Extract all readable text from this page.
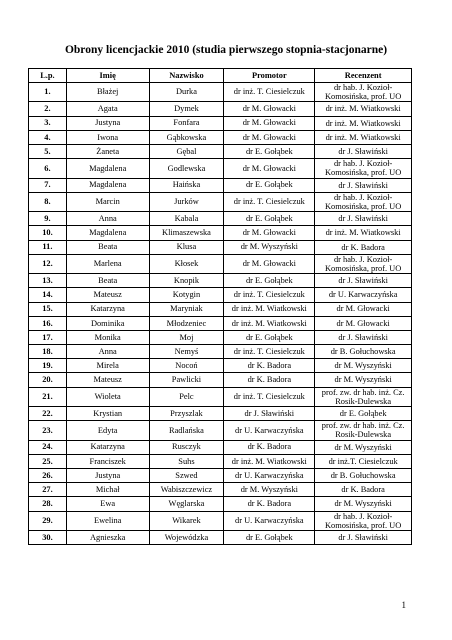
Obrony licencjackie 2010 (studia pierwszego stopnia-stacjonarne)
L.p.	Imię	Nazwisko	Promotor	Recenzent
1.	Błażej	Durka	dr inż. T. Ciesielczuk	dr hab. J. Kozioł-Komosińska, prof. UO
2.	Agata	Dymek	dr M. Głowacki	dr inż. M. Wiatkowski
3.	Justyna	Fonfara	dr M. Głowacki	dr inż. M. Wiatkowski
4.	Iwona	Gąbkowska	dr M. Głowacki	dr inż. M. Wiatkowski
5.	Żaneta	Gębal	dr E. Gołąbek	dr J. Sławiński
6.	Magdalena	Godlewska	dr M. Głowacki	dr hab. J. Kozioł-Komosińska, prof. UO
7.	Magdalena	Haińska	dr E. Gołąbek	dr J. Sławiński
8.	Marcin	Jurków	dr inż. T. Ciesielczuk	dr hab. J. Kozioł-Komosińska, prof. UO
9.	Anna	Kabala	dr E. Gołąbek	dr J. Sławiński
10.	Magdalena	Klimaszewska	dr M. Głowacki	dr inż. M. Wiatkowski
11.	Beata	Klusa	dr M. Wyszyński	dr K. Badora
12.	Marlena	Kłosek	dr M. Głowacki	dr hab. J. Kozioł-Komosińska, prof. UO
13.	Beata	Knopik	dr E. Gołąbek	dr J. Sławiński
14.	Mateusz	Kotygin	dr inż. T. Ciesielczuk	dr U. Karwaczyńska
15.	Katarzyna	Maryniak	dr inż. M. Wiatkowski	dr M. Głowacki
16.	Dominika	Młodzeniec	dr inż. M. Wiatkowski	dr M. Głowacki
17.	Monika	Moj	dr E. Gołąbek	dr J. Sławiński
18.	Anna	Nemyś	dr inż. T. Ciesielczuk	dr B. Gołuchowska
19.	Mirela	Nocoń	dr K. Badora	dr M. Wyszyński
20.	Mateusz	Pawlicki	dr K. Badora	dr M. Wyszyński
21.	Wioleta	Pelc	dr inż. T. Ciesielczuk	prof. zw. dr hab. inż. Cz. Rosik-Dulewska
22.	Krystian	Przyszlak	dr J. Sławiński	dr E. Gołąbek
23.	Edyta	Radlańska	dr U. Karwaczyńska	prof. zw. dr hab. inż. Cz. Rosik-Dulewska
24.	Katarzyna	Rusczyk	dr K. Badora	dr M. Wyszyński
25.	Franciszek	Suhs	dr inż. M. Wiatkowski	dr inż.T. Ciesielczuk
26.	Justyna	Szwed	dr U. Karwaczyńska	dr B. Gołuchowska
27.	Michał	Wabiszczewicz	dr M. Wyszyński	dr K. Badora
28.	Ewa	Węglarska	dr K. Badora	dr M. Wyszyński
29.	Ewelina	Wikarek	dr U. Karwaczyńska	dr hab. J. Kozioł-Komosińska, prof. UO
30.	Agnieszka	Wojewódzka	dr E. Gołąbek	dr J. Sławiński
1
